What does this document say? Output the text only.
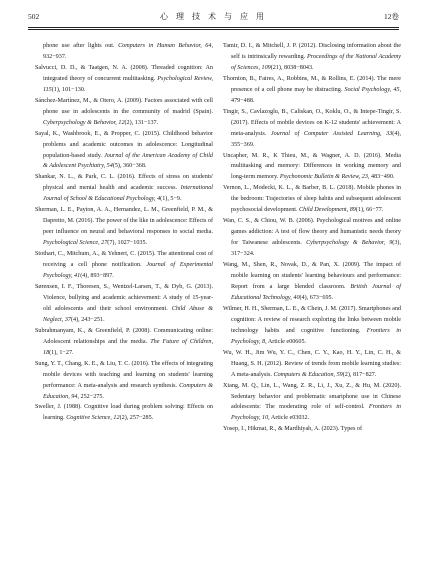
502	心 理 技 术 与 应 用	12卷

phone use after lights out. Computers in Human Behavior, 64, 932−937.

Salvucci, D. D., & Taatgen, N. A. (2008). Threaded cognition: An integrated theory of concurrent multitasking. Psychological Review, 115(1), 101−130.

Sánchez-Martínez, M., & Otero, A. (2009). Factors associated with cell phone use in adolescents in the community of madrid (Spain). Cyberpsychology & Behavior, 12(2), 131−137.

Sayal, K., Washbrook, E., & Propper, C. (2015). Childhood behavior problems and academic outcomes in adolescence: Longitudinal population-based study. Journal of the American Academy of Child & Adolescent Psychiatry, 54(5), 360−368.

Shankar, N. L., & Park, C. L. (2016). Effects of stress on students' physical and mental health and academic success. International Journal of School & Educational Psychology, 4(1), 5−9.

Sherman, L. E., Payton, A. A., Hernandez, L. M., Greenfield, P. M., & Dapretto, M. (2016). The power of the like in adolescence: Effects of peer influence on neural and behavioral responses to social media. Psychological Science, 27(7), 1027−1035.

Stothart, C., Mitchum, A., & Yehnert, C. (2015). The attentional cost of receiving a cell phone notification. Journal of Experimental Psychology, 41(4), 893−897.

Sørensen, I. F., Thoresen, S., Wentzel-Larsen, T., & Dyb, G. (2013). Violence, bullying and academic achievement: A study of 15-year-old adolescents and their school environment. Child Abuse & Neglect, 37(4), 243−251.

Subrahmanyam, K., & Greenfield, P. (2008). Communicating online: Adolescent relationships and the media. The Future of Children, 18(1), 1−27.

Sung, Y. T., Chang, K. E., & Liu, T. C. (2016). The effects of integrating mobile devices with teaching and learning on students' learning performance: A meta-analysis and research synthesis. Computers & Education, 94, 252−275.

Sweller, J. (1988). Cognitive load during problem solving: Effects on learning. Cognitive Science, 12(2), 257−285.

Tamir, D. I., & Mitchell, J. P. (2012). Disclosing information about the self is intrinsically rewarding. Proceedings of the National Academy of Sciences, 109(21), 8038−8043.

Thornton, B., Faires, A., Robbins, M., & Rollins, E. (2014). The mere presence of a cell phone may be distracting. Social Psychology, 45, 479−488.

Tingir, S., Cavlazoglu, B., Caliskan, O., Koklu, O., & Intepe-Tingir, S. (2017). Effects of mobile devices on K-12 students' achievement: A meta-analysis. Journal of Computer Assisted Learning, 33(4), 355−369.

Uncapher, M. R., K Thieu, M., & Wagner, A. D. (2016). Media multitasking and memory: Differences in working memory and long-term memory. Psychonomic Bulletin & Review, 23, 483−490.

Vernon, L., Modecki, K. L., & Barber, B. L. (2018). Mobile phones in the bedroom: Trajectories of sleep habits and subsequent adolescent psychosocial development. Child Development, 89(1), 66−77.

Wan, C. S., & Chiou, W. B. (2006). Psychological motives and online games addiction: A test of flow theory and humanistic needs theory for Taiwanese adolescents. Cyberpsychology & Behavior, 9(3), 317−324.

Wang, M., Shen, R., Novak, D., & Pan, X. (2009). The impact of mobile learning on students' learning behaviours and performance: Report from a large blended classroom. British Journal of Educational Technology, 40(4), 673−695.

Wilmer, H. H., Sherman, L. E., & Chein, J. M. (2017). Smartphones and cognition: A review of research exploring the links between mobile technology habits and cognitive functioning. Frontiers in Psychology, 8, Article e00605.

Wu, W. H., Jim Wu, Y. C., Chen, C. Y., Kao, H. Y., Lin, C. H., & Huang, S. H. (2012). Review of trends from mobile learning studies: A meta-analysis. Computers & Education, 59(2), 817−827.

Xiang, M. Q., Lin, L., Wang, Z. R., Li, J., Xu, Z., & Hu, M. (2020). Sedentary behavior and problematic smartphone use in Chinese adolescents: The moderating role of self-control. Frontiers in Psychology, 10, Article e03032.

Yosep, I., Hikmat, R., & Mardhiyah, A. (2023). Types of
